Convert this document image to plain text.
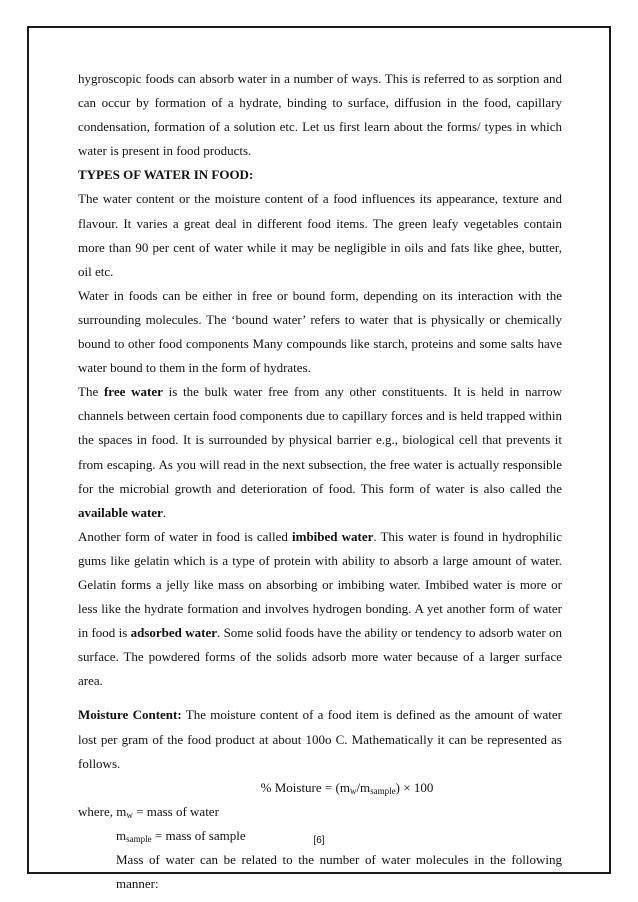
hygroscopic foods can absorb water in a number of ways. This is referred to as sorption and can occur by formation of a hydrate, binding to surface, diffusion in the food, capillary condensation, formation of a solution etc. Let us first learn about the forms/ types in which water is present in food products.

TYPES OF WATER IN FOOD:

The water content or the moisture content of a food influences its appearance, texture and flavour. It varies a great deal in different food items. The green leafy vegetables contain more than 90 per cent of water while it may be negligible in oils and fats like ghee, butter, oil etc.

Water in foods can be either in free or bound form, depending on its interaction with the surrounding molecules. The ‘bound water’ refers to water that is physically or chemically bound to other food components Many compounds like starch, proteins and some salts have water bound to them in the form of hydrates.

The free water is the bulk water free from any other constituents. It is held in narrow channels between certain food components due to capillary forces and is held trapped within the spaces in food. It is surrounded by physical barrier e.g., biological cell that prevents it from escaping. As you will read in the next subsection, the free water is actually responsible for the microbial growth and deterioration of food. This form of water is also called the available water.

Another form of water in food is called imbibed water. This water is found in hydrophilic gums like gelatin which is a type of protein with ability to absorb a large amount of water. Gelatin forms a jelly like mass on absorbing or imbibing water. Imbibed water is more or less like the hydrate formation and involves hydrogen bonding. A yet another form of water in food is adsorbed water. Some solid foods have the ability or tendency to adsorb water on surface. The powdered forms of the solids adsorb more water because of a larger surface area.

Moisture Content: The moisture content of a food item is defined as the amount of water lost per gram of the food product at about 100o C. Mathematically it can be represented as follows.

% Moisture = $(m_w/m_{sample}) \times 100$

where, $m_w$ = mass of water

$m_{sample}$ = mass of sample

Mass of water can be related to the number of water molecules in the following manner:

[6]
